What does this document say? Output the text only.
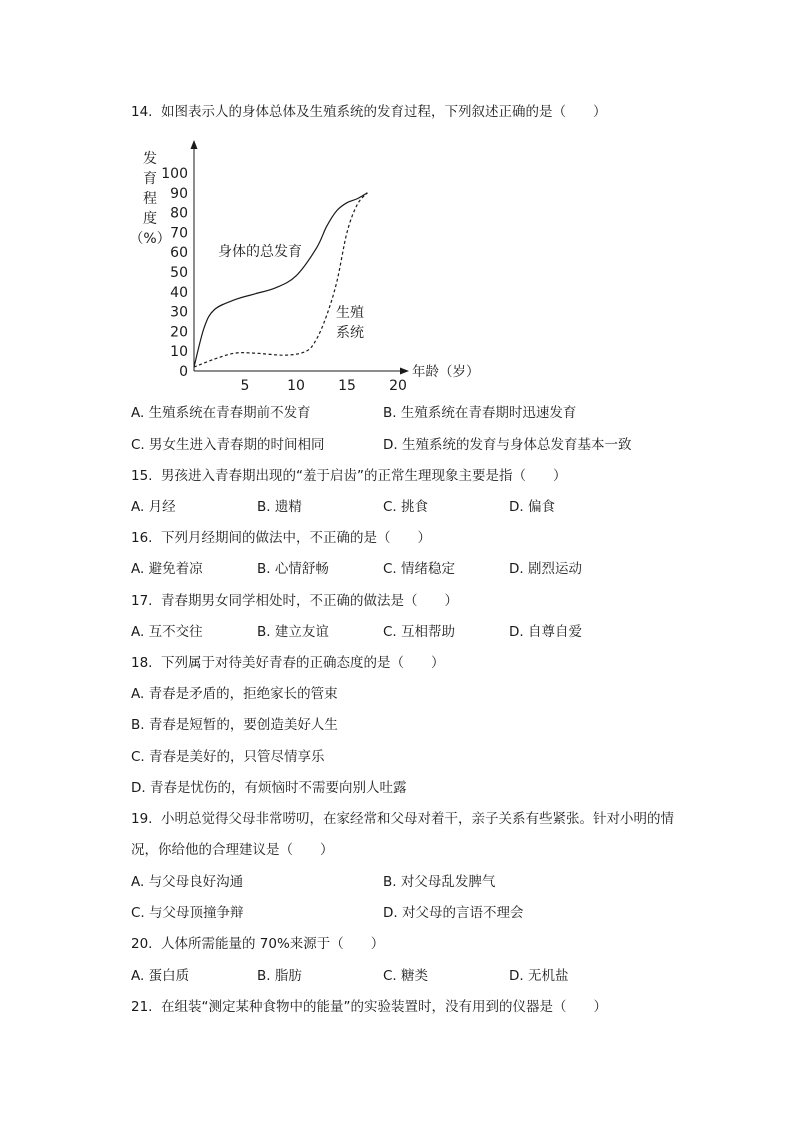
14. 如图表示人的身体总体及生殖系统的发育过程，下列叙述正确的是（　　）
发
育
程
度
（%）
年龄（岁）
0
10
20
30
40
50
60
70
80
90
100
5	10 15 20
身体的总发育
生殖
系统
A. 生殖系统在青春期前不发育	B. 生殖系统在青春期时迅速发育
C. 男女生进入青春期的时间相同	D. 生殖系统的发育与身体总发育基本一致
15. 男孩进入青春期出现的“羞于启齿”的正常生理现象主要是指（　　）
A. 月经	B. 遗精	C. 挑食	D. 偏食
16. 下列月经期间的做法中，不正确的是（　　）
A. 避免着凉	B. 心情舒畅	C. 情绪稳定	D. 剧烈运动
17. 青春期男女同学相处时，不正确的做法是（　　）
A. 互不交往	B. 建立友谊	C. 互相帮助	D. 自尊自爱
18. 下列属于对待美好青春的正确态度的是（　　）
A. 青春是矛盾的，拒绝家长的管束
B. 青春是短暂的，要创造美好人生
C. 青春是美好的，只管尽情享乐
D. 青春是忧伤的，有烦恼时不需要向别人吐露
19. 小明总觉得父母非常唠叨，在家经常和父母对着干，亲子关系有些紧张。针对小明的情
况，你给他的合理建议是（　　）
A. 与父母良好沟通	B. 对父母乱发脾气
C. 与父母顶撞争辩	D. 对父母的言语不理会
20. 人体所需能量的 70%来源于（　　）
A. 蛋白质	B. 脂肪	C. 糖类	D. 无机盐
21. 在组装“测定某种食物中的能量”的实验装置时，没有用到的仪器是（　　）
